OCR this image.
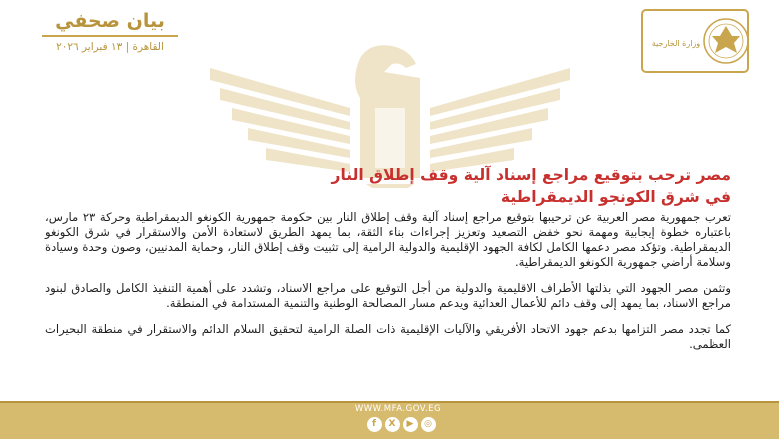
بيان صحفي
القاهرة | ١٣ فبراير ٢٠٢٦	وزارة الخارجية
مصر ترحب بتوقيع مراجع إسناد آلية وقف إطلاق النار
في شرق الكونجو الديمقراطية

تعرب جمهورية مصر العربية عن ترحيبها بتوقيع مراجع إسناد آلية وقف إطلاق النار بين حكومة جمهورية الكونغو الديمقراطية وحركة ٢٣ مارس، باعتباره خطوة إيجابية ومهمة نحو خفض التصعيد وتعزيز إجراءات بناء الثقة، بما يمهد الطريق لاستعادة الأمن والاستقرار في شرق الكونغو الديمقراطية. وتؤكد مصر دعمها الكامل لكافة الجهود الإقليمية والدولية الرامية إلى تثبيت وقف إطلاق النار، وحماية المدنيين، وصون وحدة وسيادة وسلامة أراضي جمهورية الكونغو الديمقراطية.

وتثمن مصر الجهود التي بذلتها الأطراف الاقليمية والدولية من أجل التوقيع على مراجع الاسناد، وتشدد على أهمية التنفيذ الكامل والصادق لبنود مراجع الاسناد، بما يمهد إلى وقف دائم للأعمال العدائية ويدعم مسار المصالحة الوطنية والتنمية المستدامة في المنطقة.

كما تجدد مصر التزامها بدعم جهود الاتحاد الأفريقي والآليات الإقليمية ذات الصلة الرامية لتحقيق السلام الدائم والاستقرار في منطقة البحيرات العظمى.

WWW.MFA.GOV.EG
f	X	▶	◎
